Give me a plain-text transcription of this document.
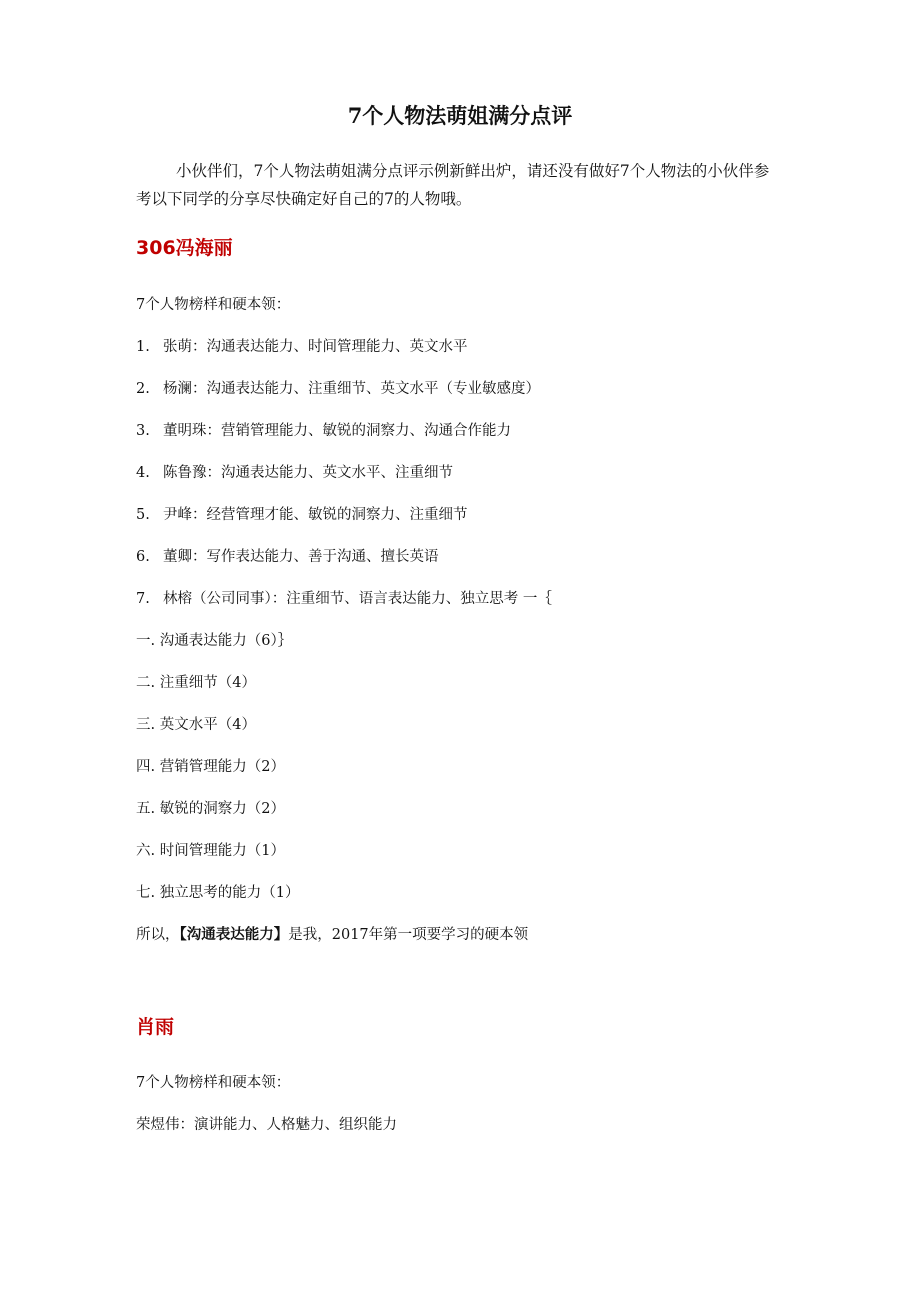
7个人物法萌姐满分点评
小伙伴们，7个人物法萌姐满分点评示例新鲜出炉，请还没有做好7个人物法的小伙伴参考以下同学的分享尽快确定好自己的7的人物哦。
306冯海丽
7个人物榜样和硬本领：
1. 张萌：沟通表达能力、时间管理能力、英文水平
2. 杨澜：沟通表达能力、注重细节、英文水平（专业敏感度）
3. 董明珠：营销管理能力、敏锐的洞察力、沟通合作能力
4. 陈鲁豫：沟通表达能力、英文水平、注重细节
5. 尹峰：经营管理才能、敏锐的洞察力、注重细节
6. 董卿：写作表达能力、善于沟通、擅长英语
7. 林榕（公司同事）：注重细节、语言表达能力、独立思考 一｛
一. 沟通表达能力（6）｝
二. 注重细节（4）
三. 英文水平（4）
四. 营销管理能力（2）
五. 敏锐的洞察力（2）
六. 时间管理能力（1）
七. 独立思考的能力（1）
所以，【沟通表达能力】是我，2017年第一项要学习的硬本领
肖雨
7个人物榜样和硬本领：
荣煜伟：演讲能力、人格魅力、组织能力
